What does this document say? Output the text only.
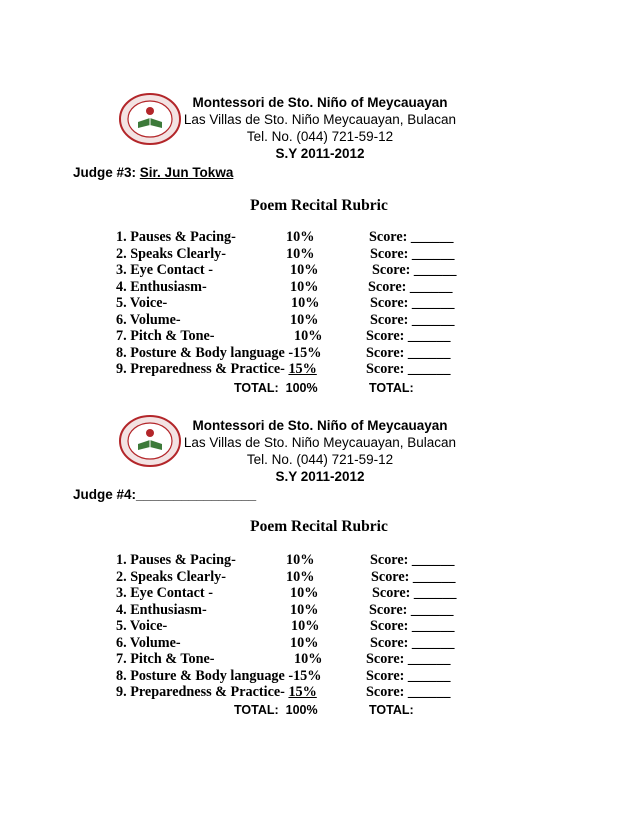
Montessori de Sto. Niño of Meycauayan
Las Villas de Sto. Niño Meycauayan, Bulacan
Tel. No. (044) 721-59-12
S.Y 2011-2012
Judge #3: Sir. Jun Tokwa
Poem Recital Rubric
1. Pauses & Pacing-	10%	Score: ______
2. Speaks Clearly-	10%	Score: ______
3. Eye Contact -	10%	Score: ______
4. Enthusiasm-	10%	Score: ______
5. Voice-	10%	Score: ______
6. Volume-	10%	Score: ______
7. Pitch & Tone-	10%	Score: ______
8. Posture & Body language -15%	Score: ______
9. Preparedness & Practice- 15%	Score: ______
TOTAL: 100%	TOTAL:
Montessori de Sto. Niño of Meycauayan
Las Villas de Sto. Niño Meycauayan, Bulacan
Tel. No. (044) 721-59-12
S.Y 2011-2012
Judge #4:________________
Poem Recital Rubric
1. Pauses & Pacing-	10%	Score: ______
2. Speaks Clearly-	10%	Score: ______
3. Eye Contact -	10%	Score: ______
4. Enthusiasm-	10%	Score: ______
5. Voice-	10%	Score: ______
6. Volume-	10%	Score: ______
7. Pitch & Tone-	10%	Score: ______
8. Posture & Body language -15%	Score: ______
9. Preparedness & Practice- 15%	Score: ______
TOTAL: 100%	TOTAL:
